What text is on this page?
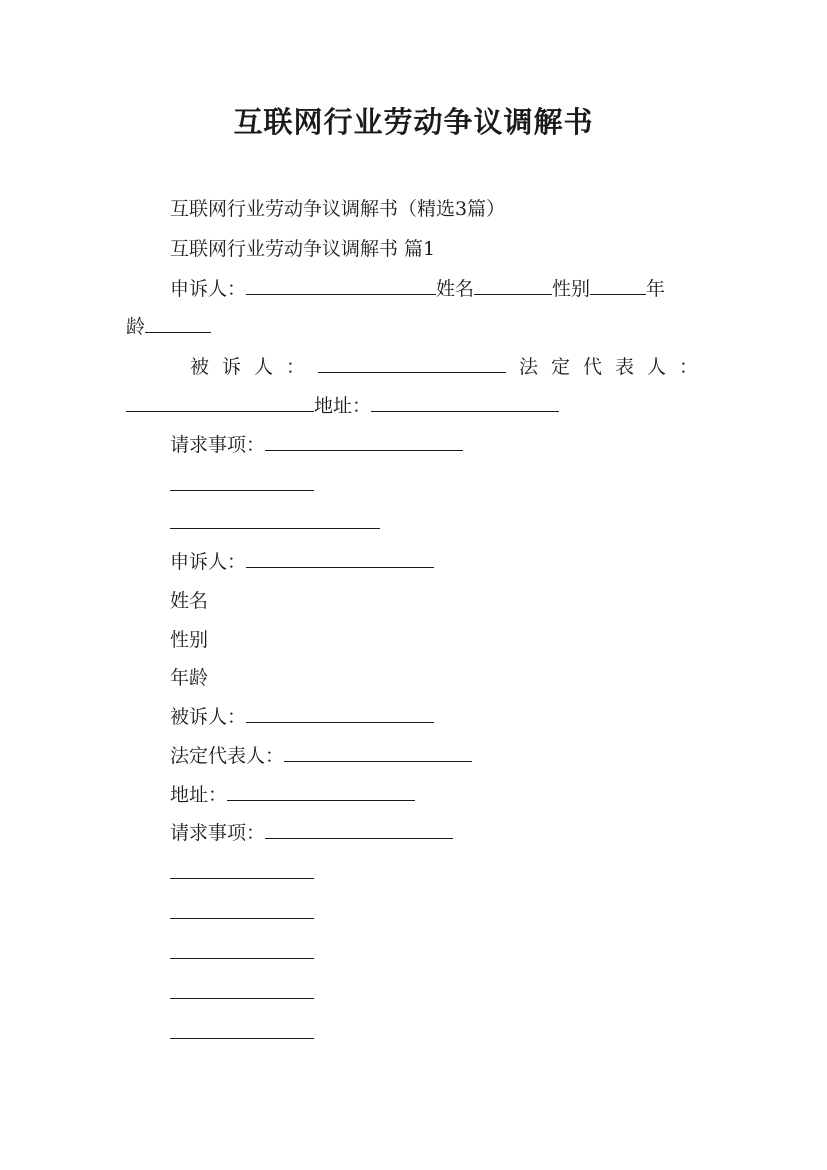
互联网行业劳动争议调解书
互联网行业劳动争议调解书（精选3篇）
互联网行业劳动争议调解书 篇1
申诉人：	姓名	性别	年
龄
被 诉 人 ：	法 定 代 表 人 ：
地址：
请求事项：
申诉人：
姓名
性别
年龄
被诉人：
法定代表人：
地址：
请求事项：
